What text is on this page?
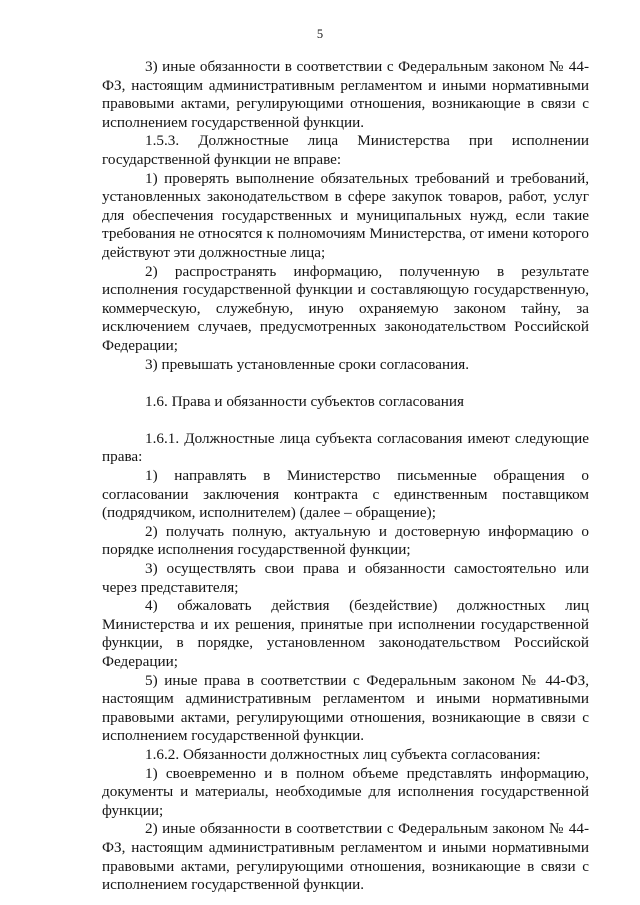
5

3) иные обязанности в соответствии с Федеральным законом № 44-ФЗ, настоящим административным регламентом и иными нормативными правовыми актами, регулирующими отношения, возникающие в связи с исполнением государственной функции.

1.5.3. Должностные лица Министерства при исполнении государственной функции не вправе:

1) проверять выполнение обязательных требований и требований, установленных законодательством в сфере закупок товаров, работ, услуг для обеспечения государственных и муниципальных нужд, если такие требования не относятся к полномочиям Министерства, от имени которого действуют эти должностные лица;

2) распространять информацию, полученную в результате исполнения государственной функции и составляющую государственную, коммерческую, служебную, иную охраняемую законом тайну, за исключением случаев, предусмотренных законодательством Российской Федерации;

3) превышать установленные сроки согласования.

1.6. Права и обязанности субъектов согласования

1.6.1. Должностные лица субъекта согласования имеют следующие права:

1) направлять в Министерство письменные обращения о согласовании заключения контракта с единственным поставщиком (подрядчиком, исполнителем) (далее – обращение);

2) получать полную, актуальную и достоверную информацию о порядке исполнения государственной функции;

3) осуществлять свои права и обязанности самостоятельно или через представителя;

4) обжаловать действия (бездействие) должностных лиц Министерства и их решения, принятые при исполнении государственной функции, в порядке, установленном законодательством Российской Федерации;

5) иные права в соответствии с Федеральным законом № 44-ФЗ, настоящим административным регламентом и иными нормативными правовыми актами, регулирующими отношения, возникающие в связи с исполнением государственной функции.

1.6.2. Обязанности должностных лиц субъекта согласования:

1) своевременно и в полном объеме представлять информацию, документы и материалы, необходимые для исполнения государственной функции;

2) иные обязанности в соответствии с Федеральным законом № 44-ФЗ, настоящим административным регламентом и иными нормативными правовыми актами, регулирующими отношения, возникающие в связи с исполнением государственной функции.
